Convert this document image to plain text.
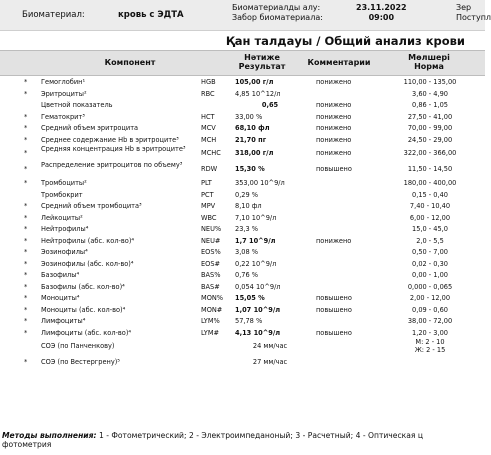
Биоматериал:	кровь с ЭДТА
Биоматериалды алу:
Забор биоматериала:
23.11.2022
09:00
Зер
Поступл
Қан талдауы / Общий анализ крови
Компонент
Нәтиже
Результат	Комментарии
Мөлшері
Норма
* Гемоглобин¹	HGB	105,00 г/л	понижено	110,00 - 135,00
* Эритроциты²	RBC	4,85 10^12/л	3,60 - 4,90
Цветной показатель	0,65	понижено	0,86 - 1,05
* Гематокрит³	HCT	33,00 %	понижено	27,50 - 41,00
* Средний объем эритроцита	MCV	68,10 фл	понижено	70,00 - 99,00
* Среднее содержание Hb в эритроците³	MCH	21,70 пг	понижено	24,50 - 29,00
* Средняя концентрация Hb в эритроците³	MCHC 318,00 г/л	понижено	322,00 - 366,00
* Распределение эритроцитов по объему³	RDW	15,30 %	повышено	11,50 - 14,50
* Тромбоциты²	PLT	353,00 10^9/л	180,00 - 400,00
Тромбокрит	PCT	0,29 %	0,15 - 0,40
* Средний объем тромбоцита³	MPV	8,10 фл	7,40 - 10,40
* Лейкоциты²	WBC	7,10 10^9/л	6,00 - 12,00
* Нейтрофилы⁴	NEU% 23,3 %	15,0 - 45,0
* Нейтрофилы (абс. кол-во)⁴	NEU# 1,7 10^9/л	понижено	2,0 - 5,5
* Эозинофилы⁴	EOS% 3,08 %	0,50 - 7,00
* Эозинофилы (абс. кол-во)⁴	EOS# 0,22 10^9/л	0,02 - 0,30
* Базофилы⁴	BAS% 0,76 %	0,00 - 1,00
* Базофилы (абс. кол-во)⁴	BAS# 0,054 10^9/л	0,000 - 0,065
* Моноциты⁴	MON% 15,05 %	повышено	2,00 - 12,00
* Моноциты (абс. кол-во)⁴	MON# 1,07 10^9/л	повышено	0,09 - 0,60
* Лимфоциты⁴	LYM% 57,78 %	38,00 - 72,00
* Лимфоциты (абс. кол-во)⁴	LYM# 4,13 10^9/л	повышено	1,20 - 3,00
СОЭ (по Панченкову)	24 мм/час	М: 2 - 10
Ж: 2 - 15
* СОЭ (по Вестергрену)⁵	27 мм/час
Методы выполнения: 1 - Фотометрический; 2 - Электроимпеданоный; 3 - Расчетный; 4 - Оптическая ц
фотометрия
